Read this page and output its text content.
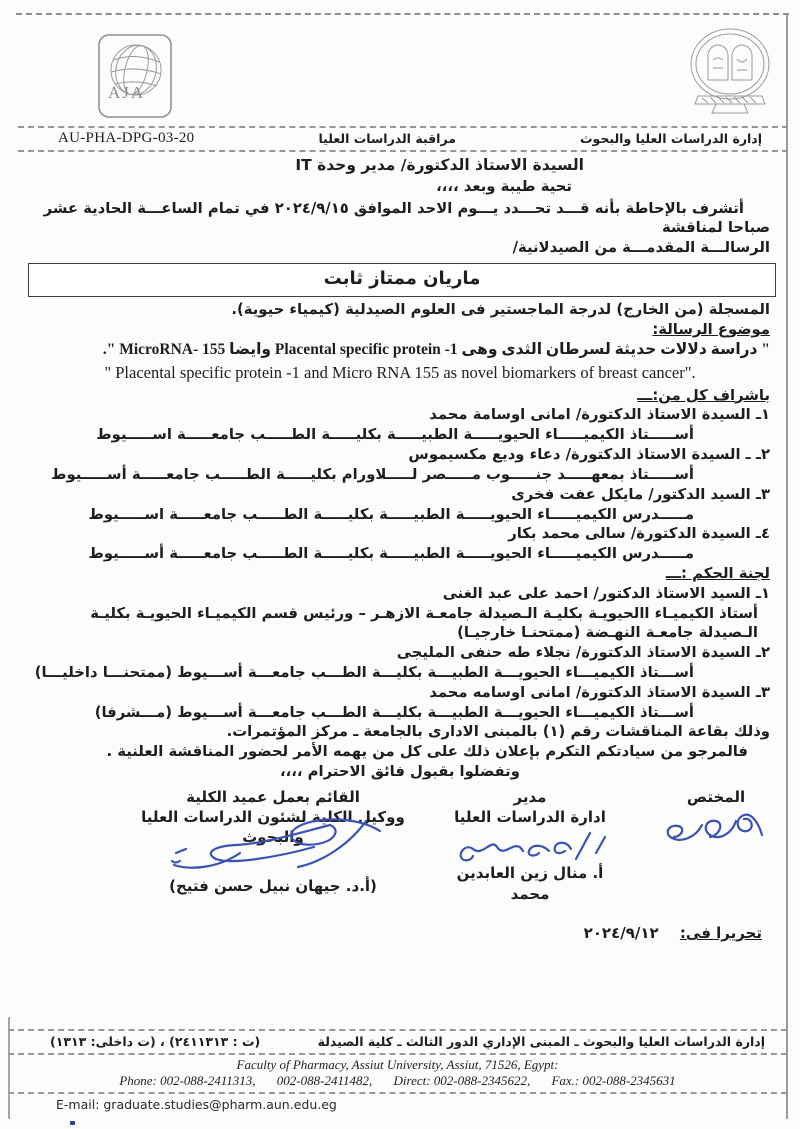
AJA
AU-PHA-DPG-03-20	مراقبة الدراسات العليا	إدارة الدراسات العليا والبحوث
السيدة الاستاذ الدكتورة/ مدير وحدة IT
تحية طيبة وبعد ،،،،
أتشرف بالإحاطة بأنه قـــد تحـــدد يـــوم الاحد الموافق ٢٠٢٤/٩/١٥ في تمام الساعـــة الحادية عشر صباحا لمناقشة
الرسالـــة المقدمـــة من الصيدلانية/
ماريان ممتاز ثابت
المسجلة (من الخارج) لدرجة الماجستير فى العلوم الصيدلية (كيمياء حيوية).
موضوع الرسالة:
" دراسة دلالات حديثة لسرطان الثدى وهى Placental specific protein -1 وايضا MicroRNA- 155 ".
" Placental specific protein -1 and Micro RNA 155 as novel biomarkers of breast cancer".
باشراف كل من:ـــ
١ـ السيدة الاستاذ الدكتورة/ امانى اوسامة محمد
أســـــتاذ الكيميـــــاء الحيويـــــة الطبيـــــة بكليـــــة الطـــــب جامعـــــة اســـــيوط
٢ـ ـ السيدة الاستاذ الدكتورة/ دعاء وديع مكسيموس
أســـــتاذ بمعهـــــد جنـــــوب مـــــصر لـــــلاورام بكليـــــة الطـــــب جامعـــــة أســـــيوط
٣ـ السيد الدكتور/ مايكل عفت فخرى
مـــــدرس الكيميـــــاء الحيويـــــة الطبيـــــة بكليـــــة الطـــــب جامعـــــة اســـــيوط
٤ـ السيدة الدكتورة/ سالى محمد بكار
مـــــدرس الكيميـــــاء الحيويـــــة الطبيـــــة بكليـــــة الطـــــب جامعـــــة أســـــيوط
لجنة الحكم :ـــ
١ـ السيد الاستاذ الدكتور/ احمد على عبد الغنى
أستاذ الكيميـاء االحيويـة بكليـة الـصيدلة جامعـة الازهـر – ورئيس قسم الكيميـاء الحيويـة بكليـة الـصيدلة جامعـة النهـضة (ممتحنـا خارجيـا)
٢ـ السيدة الاستاذ الدكتورة/ نجلاء طه حنفى المليجى
أســـتاذ الكيميـــاء الحيويـــة الطبيـــة بكليـــة الطـــب جامعـــة أســـيوط (ممتحنـــا داخليـــا)
٣ـ السيدة الاستاذ الدكتورة/ امانى اوسامه محمد
أســـتاذ الكيميـــاء الحيويـــة الطبيـــة بكليـــة الطـــب جامعـــة أســـيوط (مـــشرفا)
وذلك بقاعة المناقشات رقم (١) بالمبنى الادارى بالجامعة ـ مركز المؤتمرات.
فالمرجو من سيادتكم التكرم بإعلان ذلك على كل من يهمه الأمر لحضور المناقشة العلنية .
وتفضلوا بقبول فائق الاحترام ،،،،
المختص
مدير
ادارة الدراسات العليا
أ. منال زين العابدين محمد
القائم بعمل عميد الكلية
ووكيل الكلية لشئون الدراسات العليا والبحوث
(أ.د. جيهان نبيل حسن فتيح)
تحريرا فى: ٢٠٢٤/٩/١٢
(ت داخلى: ١٣١٣) ، (ت : ٢٤١١٣١٣)	إدارة الدراسات العليا والبحوث ـ المبنى الإداري الدور الثالث ـ كلية الصيدلة
Faculty of Pharmacy, Assiut University, Assiut, 71526, Egypt:
Phone: 002-088-2411313, 002-088-2411482, Direct: 002-088-2345622, Fax.: 002-088-2345631
E-mail: graduate.studies@pharm.aun.edu.eg
